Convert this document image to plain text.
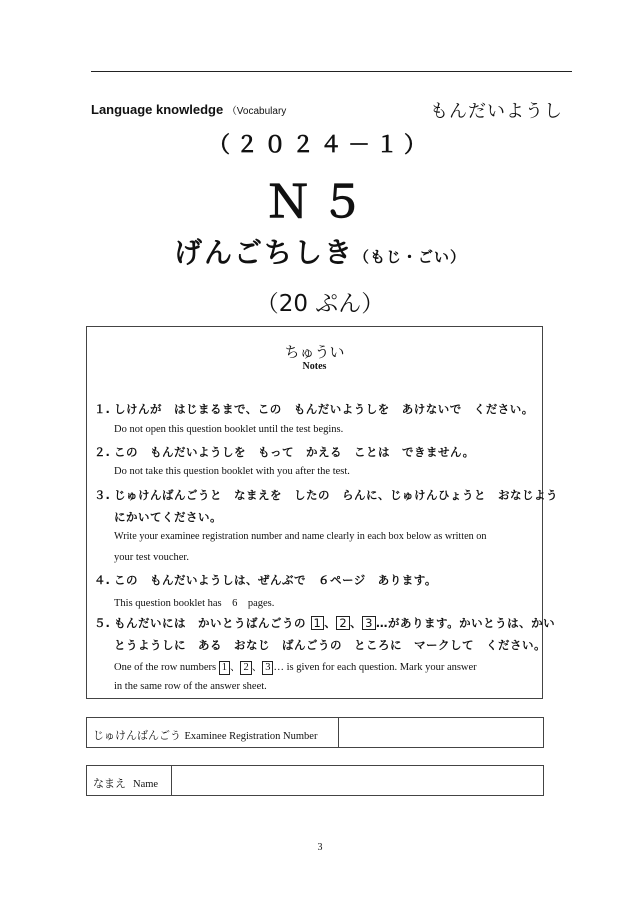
Language knowledge （Vocabulary	もんだいようし
（２０２４－１）
Ｎ５
げんごちしき（もじ・ごい）
（20 ぷん）
ちゅうい
Notes
１. しけんが　はじまるまで、この　もんだいようしを　あけないで　ください。
Do not open this question booklet until the test begins.
２. この　もんだいようしを　もって　かえる　ことは　できません。
Do not take this question booklet with you after the test.
３. じゅけんばんごうと　なまえを　したの　らんに、じゅけんひょうと　おなじよう
にかいてください。
Write your examinee registration number and name clearly in each box below as written on
your test voucher.
４. この　もんだいようしは、ぜんぶで　６ページ　あります。
This question booklet has　6　pages.
５. もんだいには　かいとうばんごうの 1 、 2 、 3 …があります。かいとうは、かい
とうようしに　ある　おなじ　ばんごうの　ところに　マークして　ください。
One of the row numbers 1 、 2 、 3 … is given for each question. Mark your answer
in the same row of the answer sheet.
じゅけんばんごう Examinee Registration Number
なまえ Name
3
